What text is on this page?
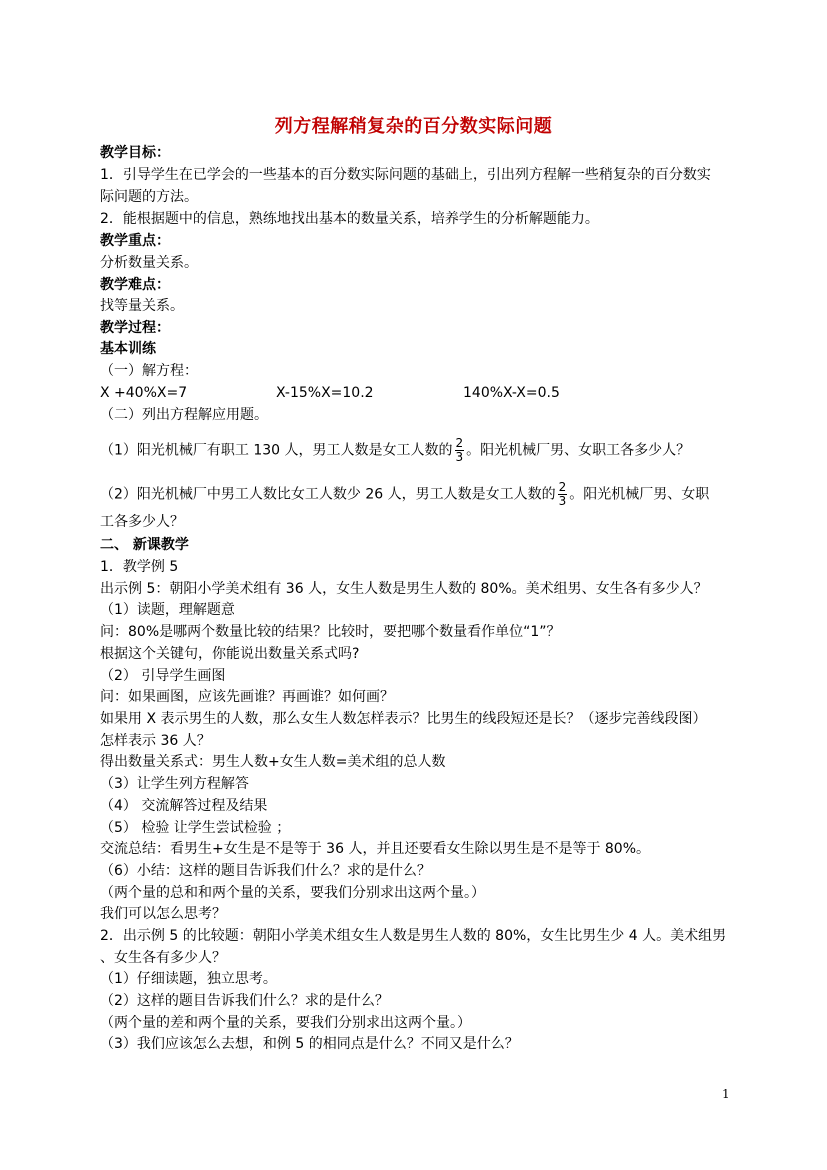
列方程解稍复杂的百分数实际问题
教学目标：
1．引导学生在已学会的一些基本的百分数实际问题的基础上，引出列方程解一些稍复杂的百分数实
际问题的方法。
2．能根据题中的信息，熟练地找出基本的数量关系，培养学生的分析解题能力。
教学重点：
分析数量关系。
教学难点：
找等量关系。
教学过程：
基本训练
（一）解方程：
X +40%X=7	X-15%X=10.2	140%X-X=0.5
（二）列出方程解应用题。
（1）阳光机械厂有职工 130 人，男工人数是女工人数的 $\frac{2}{3}$ 。阳光机械厂男、女职工各多少人？
（2）阳光机械厂中男工人数比女工人数少 26 人，男工人数是女工人数的 $\frac{2}{3}$ 。阳光机械厂男、女职
工各多少人？
二、 新课教学
1．教学例 5
出示例 5：朝阳小学美术组有 36 人，女生人数是男生人数的 80%。美术组男、女生各有多少人？
（1）读题，理解题意
问：80%是哪两个数量比较的结果？比较时，要把哪个数量看作单位“1”？
根据这个关键句，你能说出数量关系式吗?
（2） 引导学生画图
问：如果画图，应该先画谁？再画谁？如何画？
如果用 X 表示男生的人数，那么女生人数怎样表示？比男生的线段短还是长？（逐步完善线段图）
怎样表示 36 人？
得出数量关系式：男生人数+女生人数=美术组的总人数
（3）让学生列方程解答
（4） 交流解答过程及结果
（5） 检验 让学生尝试检验 ；
交流总结：看男生+女生是不是等于 36 人，并且还要看女生除以男生是不是等于 80%。
（6）小结：这样的题目告诉我们什么？求的是什么？
（两个量的总和和两个量的关系，要我们分别求出这两个量。）
我们可以怎么思考？
2．出示例 5 的比较题：朝阳小学美术组女生人数是男生人数的 80%，女生比男生少 4 人。美术组男
、女生各有多少人？
（1）仔细读题，独立思考。
（2）这样的题目告诉我们什么？求的是什么？
（两个量的差和两个量的关系，要我们分别求出这两个量。）
（3）我们应该怎么去想，和例 5 的相同点是什么？不同又是什么？
1
